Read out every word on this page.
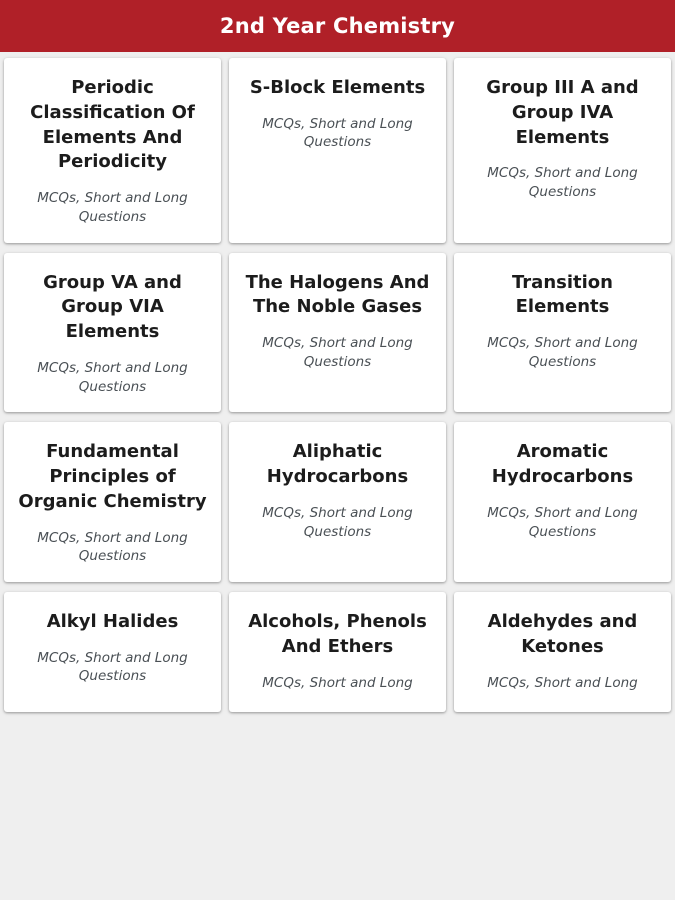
2nd Year Chemistry
Periodic Classification Of Elements And Periodicity
MCQs, Short and Long Questions
S-Block Elements
MCQs, Short and Long Questions
Group III A and Group IVA Elements
MCQs, Short and Long Questions
Group VA and Group VIA Elements
MCQs, Short and Long Questions
The Halogens And The Noble Gases
MCQs, Short and Long Questions
Transition Elements
MCQs, Short and Long Questions
Fundamental Principles of Organic Chemistry
MCQs, Short and Long Questions
Aliphatic Hydrocarbons
MCQs, Short and Long Questions
Aromatic Hydrocarbons
MCQs, Short and Long Questions
Alkyl Halides
MCQs, Short and Long Questions
Alcohols, Phenols And Ethers
MCQs, Short and Long
Aldehydes and Ketones
MCQs, Short and Long
